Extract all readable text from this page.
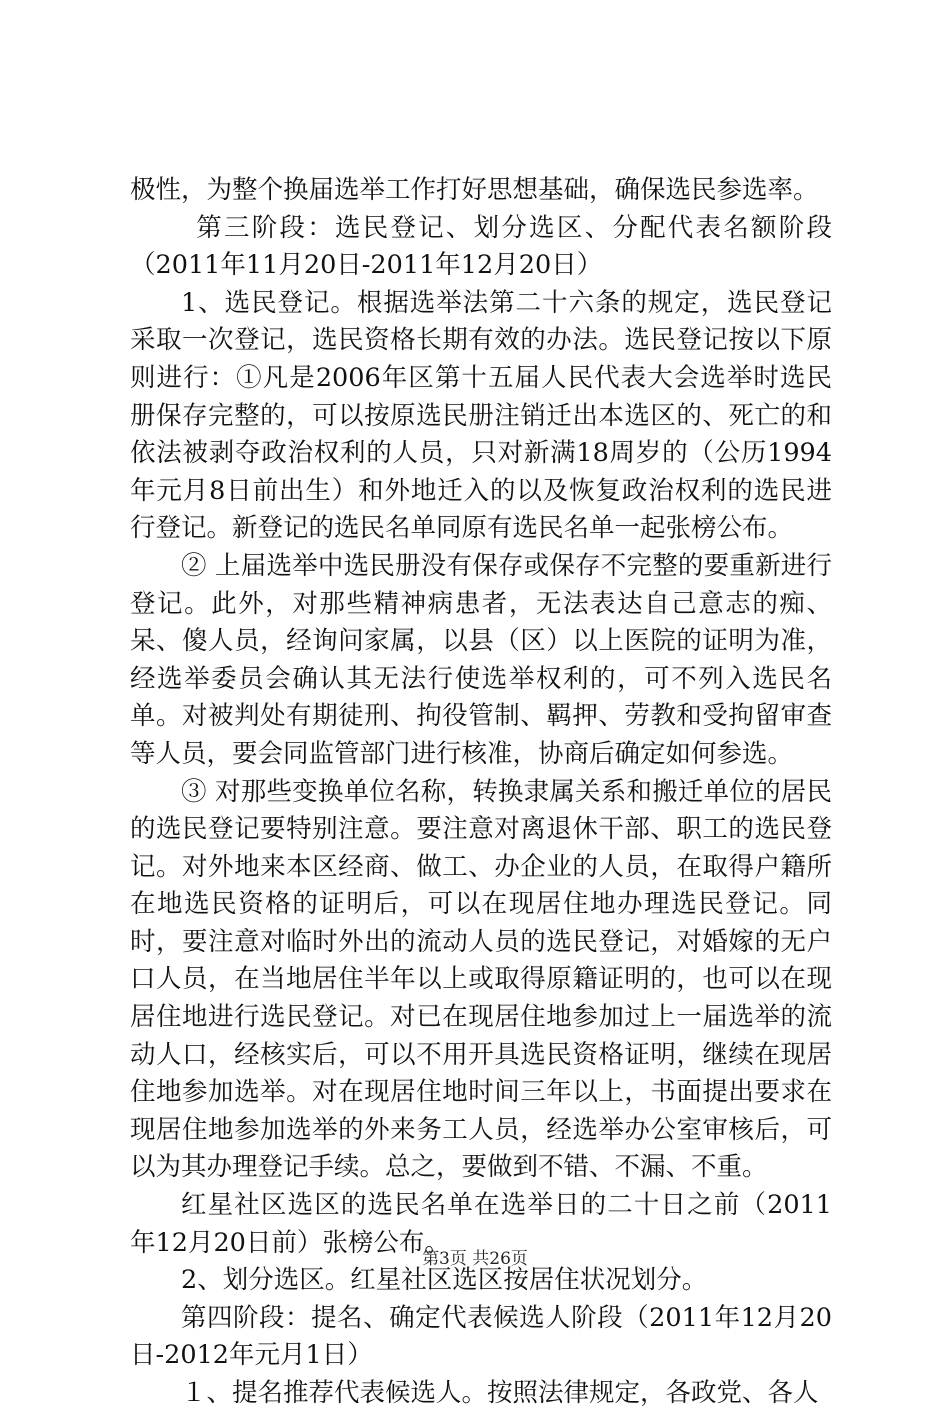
极性，为整个换届选举工作打好思想基础，确保选民参选率。

第三阶段：选民登记、划分选区、分配代表名额阶段（2011年11月20日-2011年12月20日）

1、选民登记。根据选举法第二十六条的规定，选民登记采取一次登记，选民资格长期有效的办法。选民登记按以下原则进行：①凡是2006年区第十五届人民代表大会选举时选民册保存完整的，可以按原选民册注销迁出本选区的、死亡的和依法被剥夺政治权利的人员，只对新满18周岁的（公历1994年元月8日前出生）和外地迁入的以及恢复政治权利的选民进行登记。新登记的选民名单同原有选民名单一起张榜公布。

② 上届选举中选民册没有保存或保存不完整的要重新进行登记。此外，对那些精神病患者，无法表达自己意志的痴、呆、傻人员，经询问家属，以县（区）以上医院的证明为准，经选举委员会确认其无法行使选举权利的，可不列入选民名单。对被判处有期徒刑、拘役管制、羁押、劳教和受拘留审查等人员，要会同监管部门进行核准，协商后确定如何参选。

③ 对那些变换单位名称，转换隶属关系和搬迁单位的居民的选民登记要特别注意。要注意对离退休干部、职工的选民登记。对外地来本区经商、做工、办企业的人员，在取得户籍所在地选民资格的证明后，可以在现居住地办理选民登记。同时，要注意对临时外出的流动人员的选民登记，对婚嫁的无户口人员，在当地居住半年以上或取得原籍证明的，也可以在现居住地进行选民登记。对已在现居住地参加过上一届选举的流动人口，经核实后，可以不用开具选民资格证明，继续在现居住地参加选举。对在现居住地时间三年以上，书面提出要求在现居住地参加选举的外来务工人员，经选举办公室审核后，可以为其办理登记手续。总之，要做到不错、不漏、不重。

红星社区选区的选民名单在选举日的二十日之前（2011年12月20日前）张榜公布。

2、划分选区。红星社区选区按居住状况划分。

第四阶段：提名、确定代表候选人阶段（2011年12月20日-2012年元月1日）

１、提名推荐代表候选人。按照法律规定，各政党、各人

第3页 共26页
